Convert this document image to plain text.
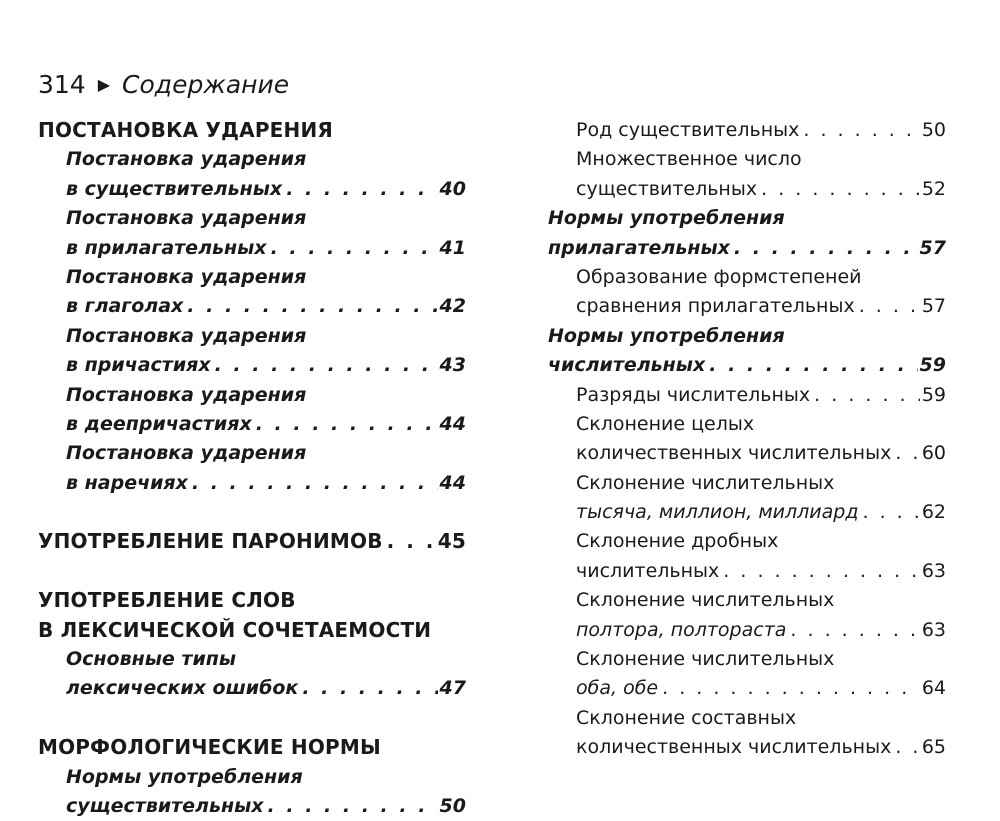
314 ▶ Содержание
ПОСТАНОВКА УДАРЕНИЯ
Постановка ударения
в существительных . . .	40
Постановка ударения
в прилагательных . . .	41
Постановка ударения
в глаголах . . .	42
Постановка ударения
в причастиях . . .	43
Постановка ударения
в деепричастиях . . .	44
Постановка ударения
в наречиях . . .	44
УПОТРЕБЛЕНИЕ ПАРОНИМОВ . . .	45
УПОТРЕБЛЕНИЕ СЛОВ
В ЛЕКСИЧЕСКОЙ СОЧЕТАЕМОСТИ
Основные типы
лексических ошибок . . .	47
МОРФОЛОГИЧЕСКИЕ НОРМЫ
Нормы употребления
существительных . . .	50
Род существительных . . .	50
Множественное число
существительных . . .	52
Нормы употребления
прилагательных . . .	57
Образование формстепеней
сравнения прилагательных . . .	57
Нормы употребления
числительных . . .	59
Разряды числительных . . .	59
Склонение целых
количественных числительных . . . 60
Склонение числительных
тысяча, миллион, миллиард . . .	62
Склонение дробных
числительных . . .	63
Склонение числительных
полтора, полтораста . . .	63
Склонение числительных
оба, обе . . .	64
Склонение составных
количественных числительных . . . 65
